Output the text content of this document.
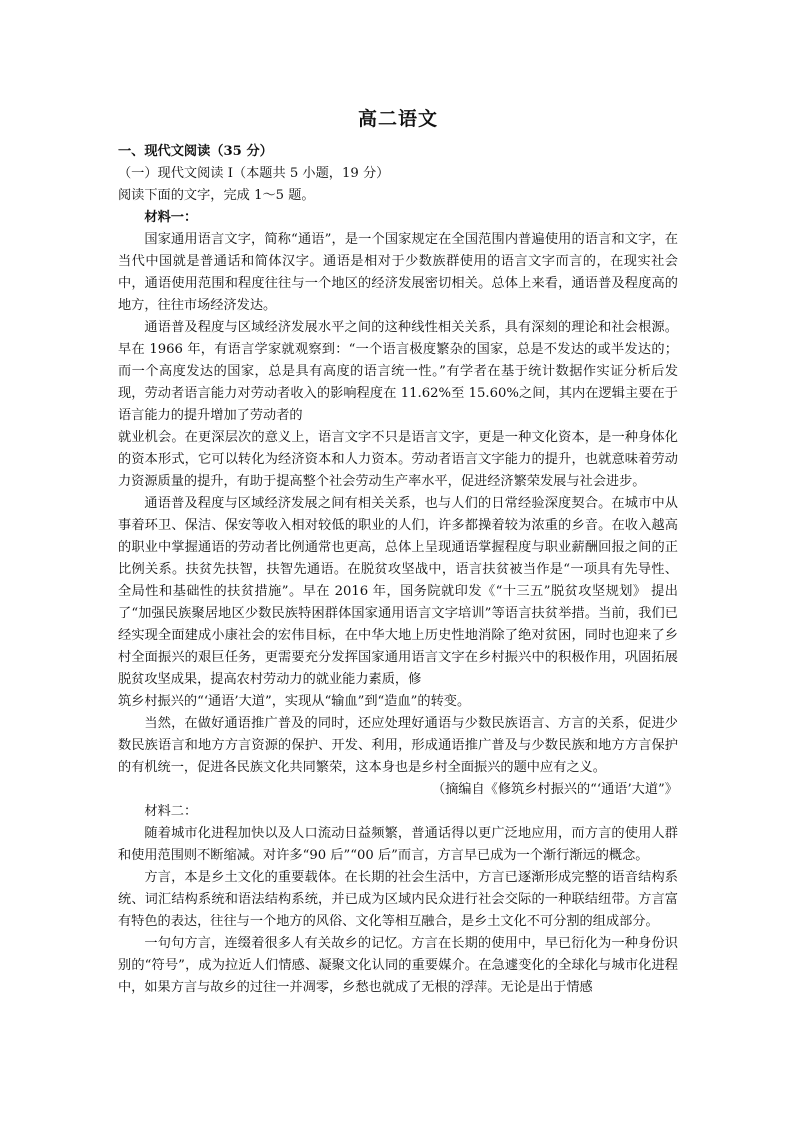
高二语文

一、现代文阅读（35 分）

（一）现代文阅读 I（本题共 5 小题，19 分）

阅读下面的文字，完成 1～5 题。

材料一：

国家通用语言文字，简称“通语”，是一个国家规定在全国范围内普遍使用的语言和文字，在当代中国就是普通话和简体汉字。通语是相对于少数族群使用的语言文字而言的，在现实社会中，通语使用范围和程度往往与一个地区的经济发展密切相关。总体上来看，通语普及程度高的地方，往往市场经济发达。

通语普及程度与区域经济发展水平之间的这种线性相关关系，具有深刻的理论和社会根源。早在 1966 年，有语言学家就观察到：“一个语言极度繁杂的国家，总是不发达的或半发达的；而一个高度发达的国家，总是具有高度的语言统一性。”有学者在基于统计数据作实证分析后发现，劳动者语言能力对劳动者收入的影响程度在 11.62%至 15.60%之间，其内在逻辑主要在于语言能力的提升增加了劳动者的

就业机会。在更深层次的意义上，语言文字不只是语言文字，更是一种文化资本，是一种身体化的资本形式，它可以转化为经济资本和人力资本。劳动者语言文字能力的提升，也就意味着劳动力资源质量的提升，有助于提高整个社会劳动生产率水平，促进经济繁荣发展与社会进步。

通语普及程度与区域经济发展之间有相关关系，也与人们的日常经验深度契合。在城市中从事着环卫、保洁、保安等收入相对较低的职业的人们，许多都操着较为浓重的乡音。在收入越高的职业中掌握通语的劳动者比例通常也更高，总体上呈现通语掌握程度与职业薪酬回报之间的正比例关系。扶贫先扶智，扶智先通语。在脱贫攻坚战中，语言扶贫被当作是“一项具有先导性、全局性和基础性的扶贫措施”。早在 2016 年，国务院就印发《“十三五”脱贫攻坚规划》 提出了“加强民族聚居地区少数民族特困群体国家通用语言文字培训”等语言扶贫举措。当前，我们已经实现全面建成小康社会的宏伟目标，在中华大地上历史性地消除了绝对贫困，同时也迎来了乡村全面振兴的艰巨任务，更需要充分发挥国家通用语言文字在乡村振兴中的积极作用，巩固拓展脱贫攻坚成果，提高农村劳动力的就业能力素质，修

筑乡村振兴的“‘通语’大道”，实现从“输血”到“造血”的转变。

当然，在做好通语推广普及的同时，还应处理好通语与少数民族语言、方言的关系，促进少数民族语言和地方方言资源的保护、开发、利用，形成通语推广普及与少数民族和地方方言保护的有机统一，促进各民族文化共同繁荣，这本身也是乡村全面振兴的题中应有之义。

（摘编自《修筑乡村振兴的“‘通语’大道”》

材料二：

随着城市化进程加快以及人口流动日益频繁，普通话得以更广泛地应用，而方言的使用人群和使用范围则不断缩减。对许多“90 后”“00 后”而言，方言早已成为一个渐行渐远的概念。

方言，本是乡土文化的重要载体。在长期的社会生活中，方言已逐渐形成完整的语音结构系统、词汇结构系统和语法结构系统，并已成为区域内民众进行社会交际的一种联结纽带。方言富有特色的表达，往往与一个地方的风俗、文化等相互融合，是乡土文化不可分割的组成部分。

一句句方言，连缀着很多人有关故乡的记忆。方言在长期的使用中，早已衍化为一种身份识别的“符号”，成为拉近人们情感、凝聚文化认同的重要媒介。在急遽变化的全球化与城市化进程中，如果方言与故乡的过往一并凋零，乡愁也就成了无根的浮萍。无论是出于情感
